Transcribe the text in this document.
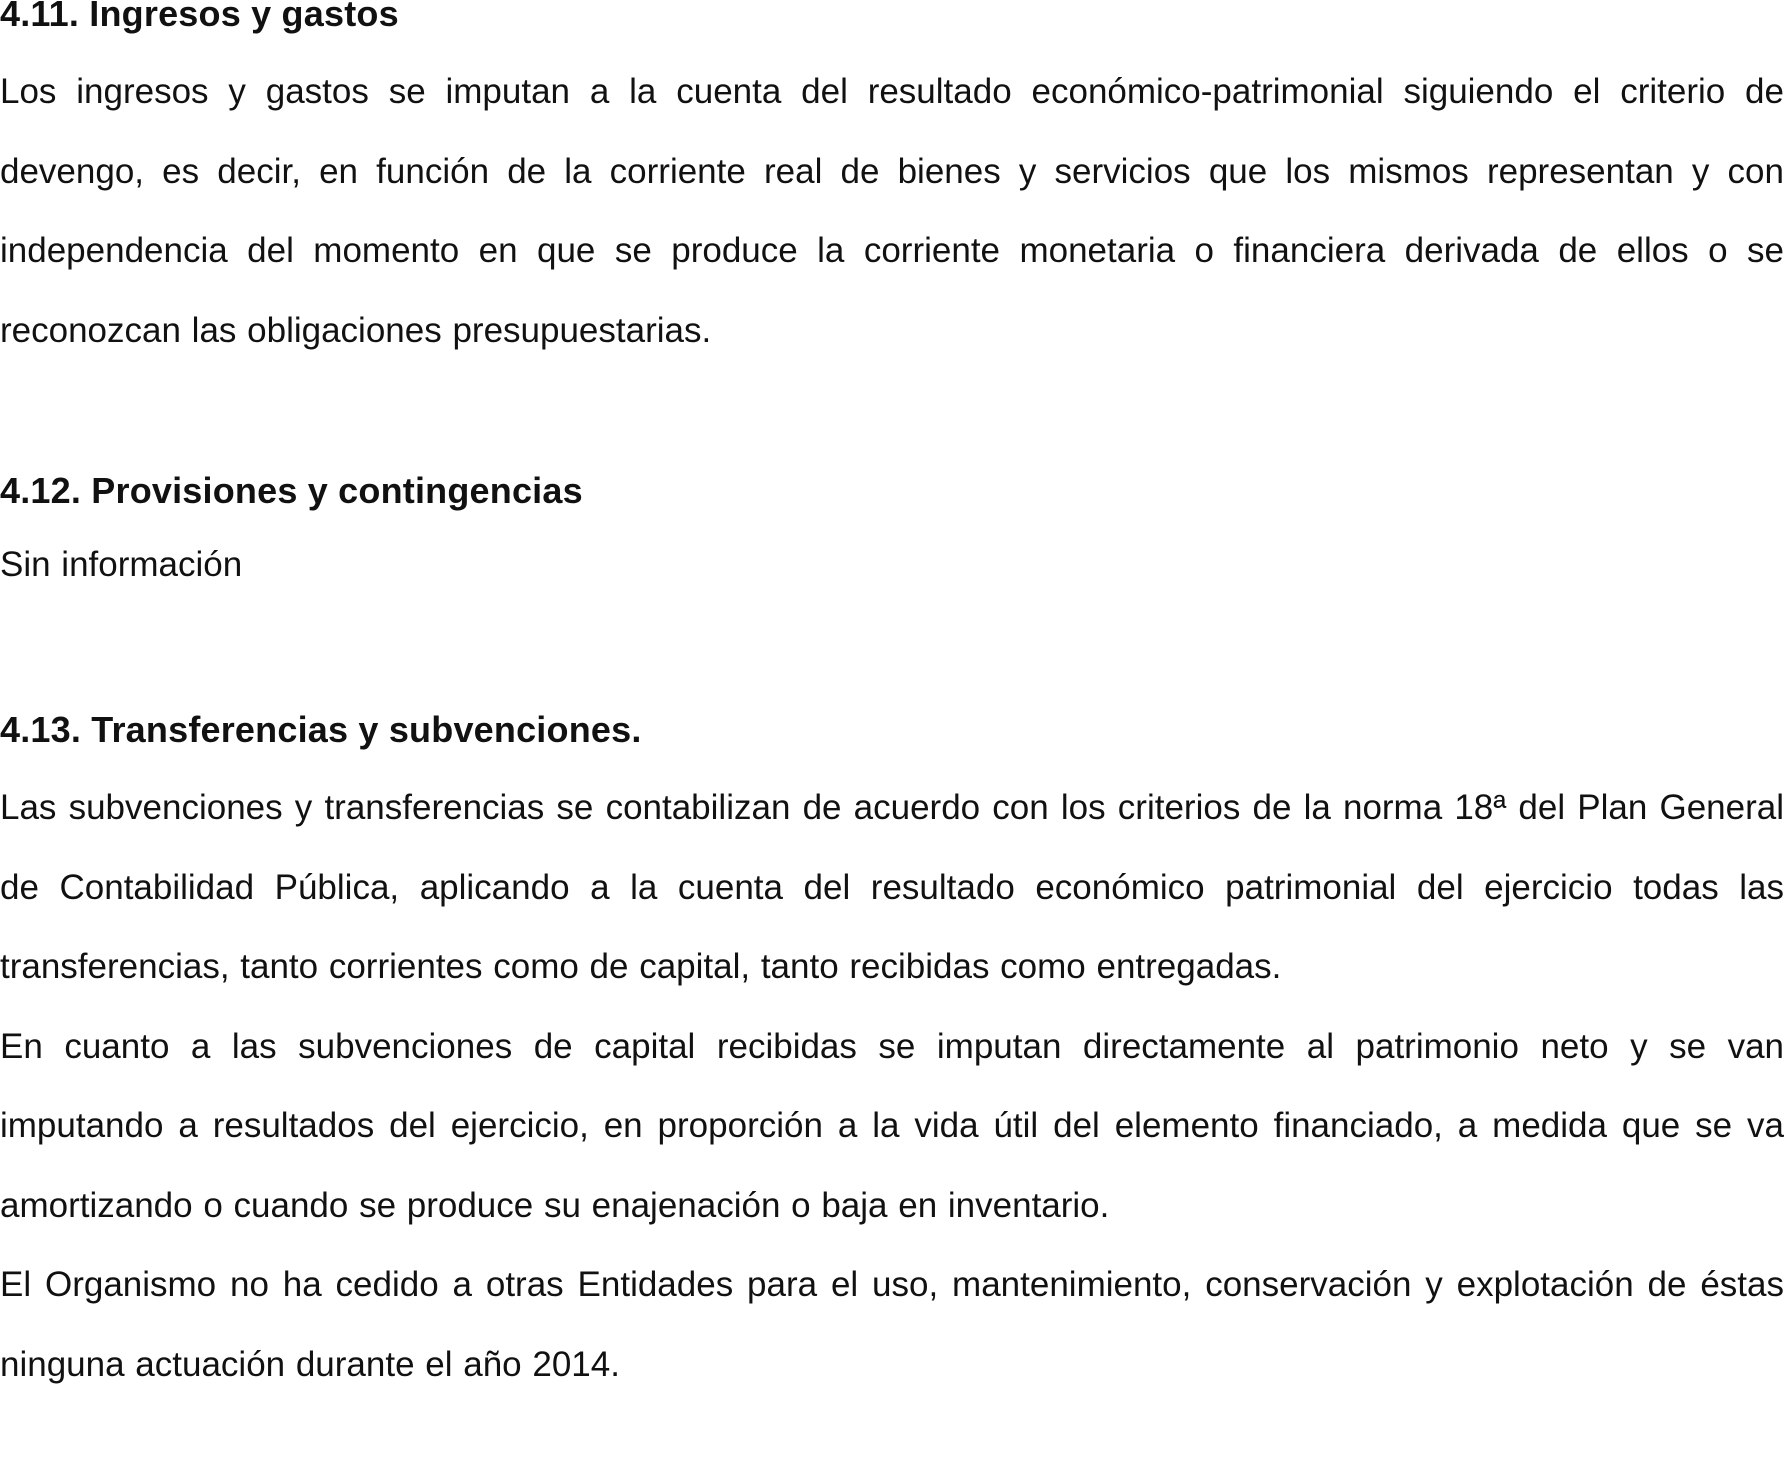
4.11. Ingresos y gastos

Los ingresos y gastos se imputan a la cuenta del resultado económico-patrimonial siguiendo el criterio de devengo, es decir, en función de la corriente real de bienes y servicios que los mismos representan y con independencia del momento en que se produce la corriente monetaria o financiera derivada de ellos o se reconozcan las obligaciones presupuestarias.

4.12. Provisiones y contingencias

Sin información

4.13. Transferencias y subvenciones.

Las subvenciones y transferencias se contabilizan de acuerdo con los criterios de la norma 18ª del Plan General de Contabilidad Pública, aplicando a la cuenta del resultado económico patrimonial del ejercicio todas las transferencias, tanto corrientes como de capital, tanto recibidas como entregadas.

En cuanto a las subvenciones de capital recibidas se imputan directamente al patrimonio neto y se van imputando a resultados del ejercicio, en proporción a la vida útil del elemento financiado, a medida que se va amortizando o cuando se produce su enajenación o baja en inventario.

El Organismo no ha cedido a otras Entidades para el uso, mantenimiento, conservación y explotación de éstas ninguna actuación durante el año 2014.
